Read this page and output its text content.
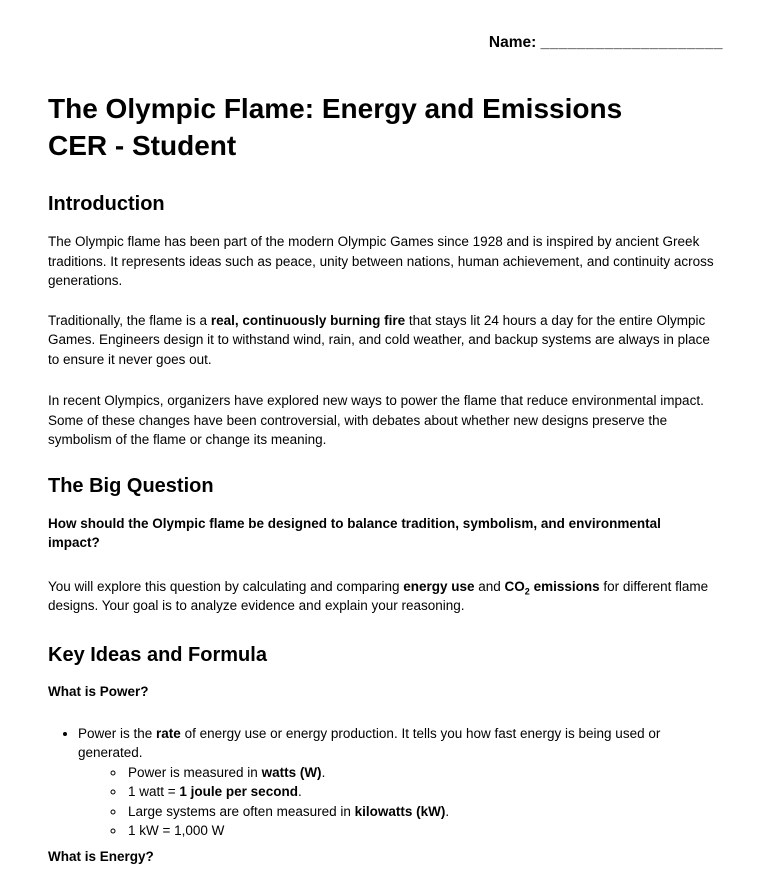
Name: ____________________
The Olympic Flame: Energy and Emissions
CER - Student
Introduction

The Olympic flame has been part of the modern Olympic Games since 1928 and is inspired by ancient Greek traditions. It represents ideas such as peace, unity between nations, human achievement, and continuity across generations.

Traditionally, the flame is a real, continuously burning fire that stays lit 24 hours a day for the entire Olympic Games. Engineers design it to withstand wind, rain, and cold weather, and backup systems are always in place to ensure it never goes out.

In recent Olympics, organizers have explored new ways to power the flame that reduce environmental impact. Some of these changes have been controversial, with debates about whether new designs preserve the symbolism of the flame or change its meaning.

The Big Question

How should the Olympic flame be designed to balance tradition, symbolism, and environmental impact?

You will explore this question by calculating and comparing energy use and $CO_2$ emissions for different flame designs. Your goal is to analyze evidence and explain your reasoning.

Key Ideas and Formula
What is Power?
• Power is the rate of energy use or energy production. It tells you how fast energy is being used or generated.
◦ Power is measured in watts (W).
◦ 1 watt = 1 joule per second.
◦ Large systems are often measured in kilowatts (kW).
◦ 1 kW = 1,000 W
What is Energy?
